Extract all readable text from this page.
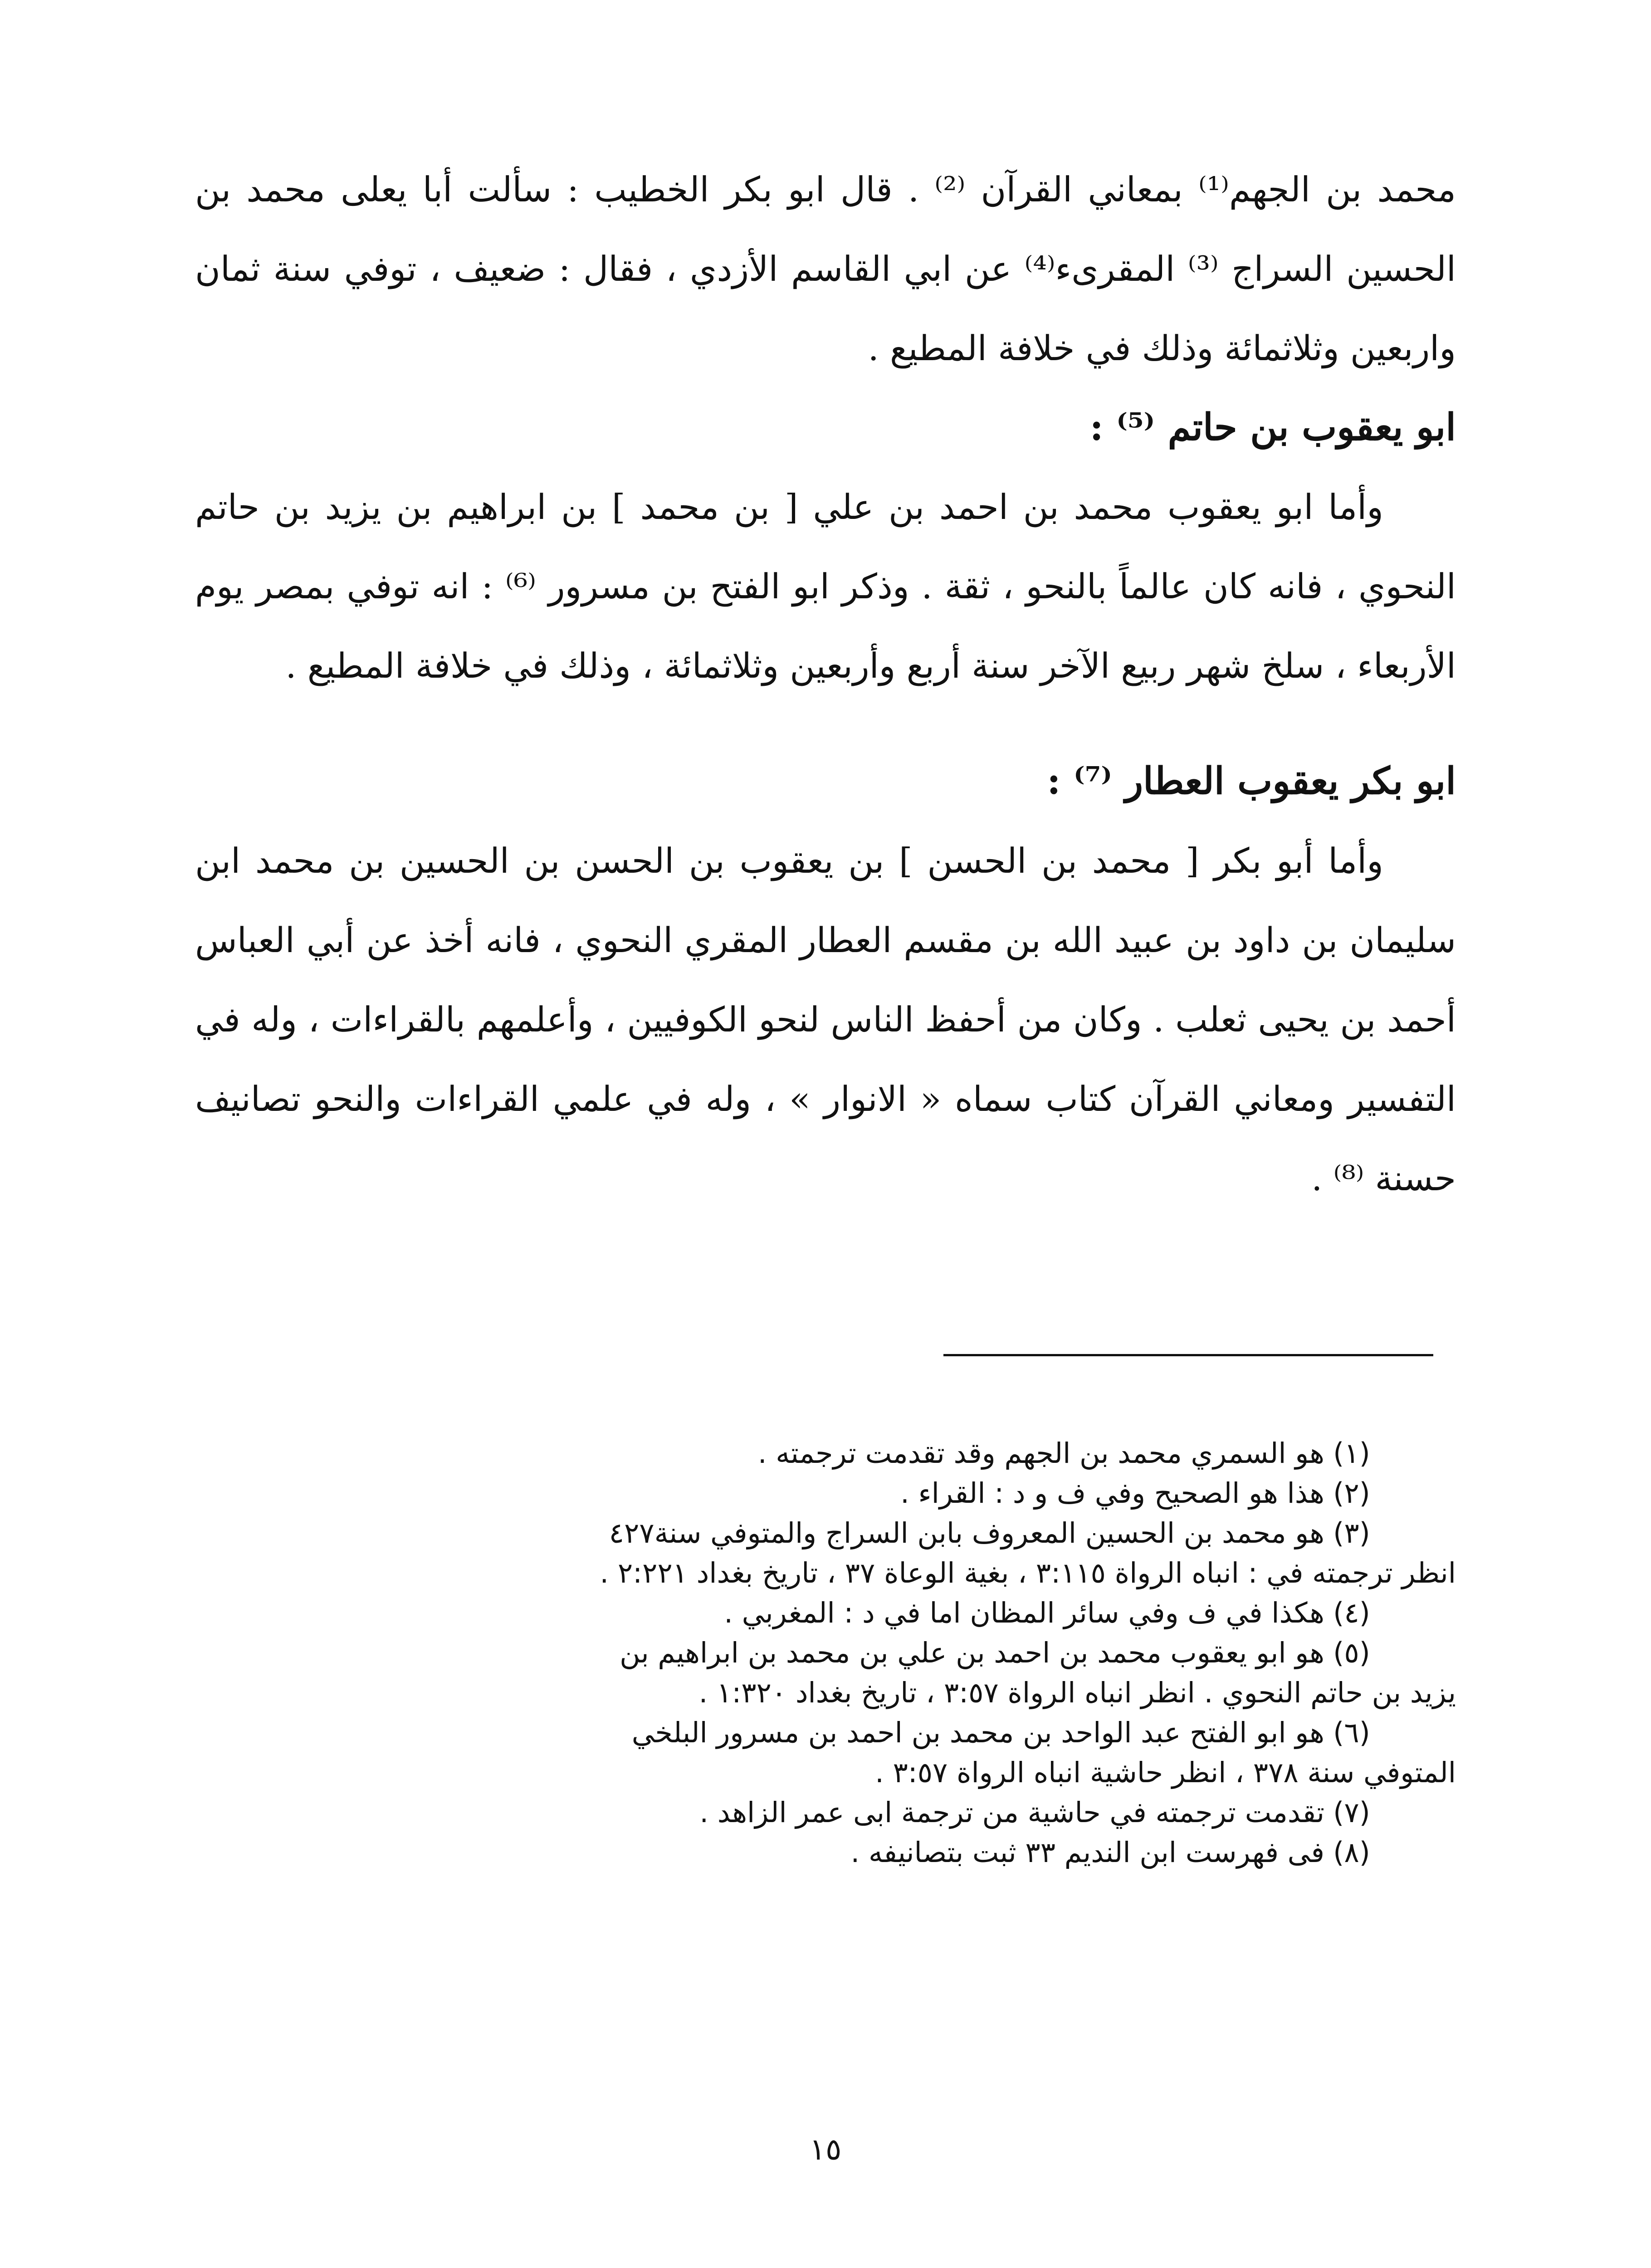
محمد بن الجهم⁽¹⁾ بمعاني القرآن ⁽²⁾ . قال ابو بكر الخطيب : سألت أبا يعلى محمد بن الحسين السراج ⁽³⁾ المقرىء⁽⁴⁾ عن ابي القاسم الأزدي ، فقال : ضعيف ، توفي سنة ثمان واربعين وثلاثمائة وذلك في خلافة المطيع .

ابو يعقوب بن حاتم ⁽⁵⁾ :

وأما ابو يعقوب محمد بن احمد بن علي [ بن محمد ] بن ابراهيم بن يزيد بن حاتم النحوي ، فانه كان عالماً بالنحو ، ثقة . وذكر ابو الفتح بن مسرور ⁽⁶⁾ : انه توفي بمصر يوم الأربعاء ، سلخ شهر ربيع الآخر سنة أربع وأربعين وثلاثمائة ، وذلك في خلافة المطيع .

ابو بكر يعقوب العطار ⁽⁷⁾ :

وأما أبو بكر [ محمد بن الحسن ] بن يعقوب بن الحسن بن الحسين بن محمد ابن سليمان بن داود بن عبيد الله بن مقسم العطار المقري النحوي ، فانه أخذ عن أبي العباس أحمد بن يحيى ثعلب . وكان من أحفظ الناس لنحو الكوفيين ، وأعلمهم بالقراءات ، وله في التفسير ومعاني القرآن كتاب سماه « الانوار » ، وله في علمي القراءات والنحو تصانيف حسنة ⁽⁸⁾ .

(١)هو السمري محمد بن الجهم وقد تقدمت ترجمته .
(٢)هذا هو الصحيح وفي ف و د : القراء .
(٣)هو محمد بن الحسين المعروف بابن السراج والمتوفي سنة٤٢٧
انظر ترجمته في : انباه الرواة ٣:١١٥ ، بغية الوعاة ٣٧ ، تاريخ بغداد ٢:٢٢١ .
(٤)هكذا في ف وفي سائر المظان اما في د : المغربي .
(٥)هو ابو يعقوب محمد بن احمد بن علي بن محمد بن ابراهيم بن
يزيد بن حاتم النحوي . انظر انباه الرواة ٣:٥٧ ، تاريخ بغداد ١:٣٢٠ .
(٦)هو ابو الفتح عبد الواحد بن محمد بن احمد بن مسرور البلخي
المتوفي سنة ٣٧٨ ، انظر حاشية انباه الرواة ٣:٥٧ .
(٧)تقدمت ترجمته في حاشية من ترجمة ابى عمر الزاهد .
(٨)فى فهرست ابن النديم ٣٣ ثبت بتصانيفه .
١٥
